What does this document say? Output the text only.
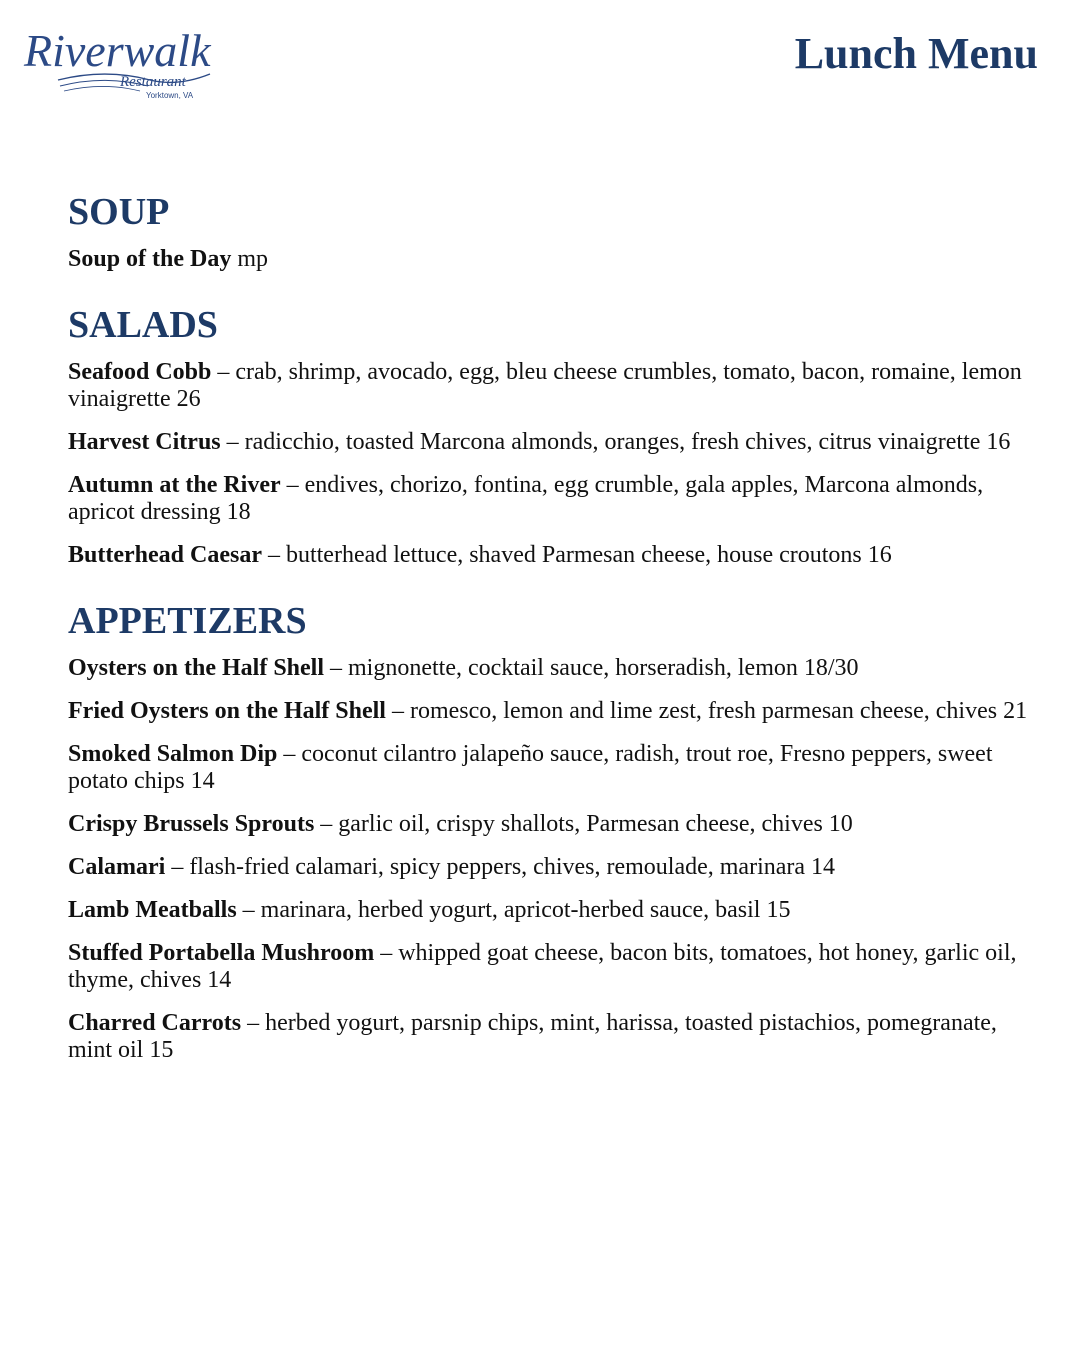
Riverwalk
Restaurant
Yorktown, VA
Lunch Menu
SOUP
Soup of the Day mp
SALADS
Seafood Cobb – crab, shrimp, avocado, egg, bleu cheese crumbles, tomato, bacon, romaine, lemon vinaigrette 26
Harvest Citrus – radicchio, toasted Marcona almonds, oranges, fresh chives, citrus vinaigrette 16
Autumn at the River – endives, chorizo, fontina, egg crumble, gala apples, Marcona almonds, apricot dressing 18
Butterhead Caesar – butterhead lettuce, shaved Parmesan cheese, house croutons 16
APPETIZERS
Oysters on the Half Shell – mignonette, cocktail sauce, horseradish, lemon 18/30
Fried Oysters on the Half Shell – romesco, lemon and lime zest, fresh parmesan cheese, chives 21
Smoked Salmon Dip – coconut cilantro jalapeño sauce, radish, trout roe, Fresno peppers, sweet potato chips 14
Crispy Brussels Sprouts – garlic oil, crispy shallots, Parmesan cheese, chives 10
Calamari – flash-fried calamari, spicy peppers, chives, remoulade, marinara 14
Lamb Meatballs – marinara, herbed yogurt, apricot-herbed sauce, basil 15
Stuffed Portabella Mushroom – whipped goat cheese, bacon bits, tomatoes, hot honey, garlic oil, thyme, chives 14
Charred Carrots – herbed yogurt, parsnip chips, mint, harissa, toasted pistachios, pomegranate, mint oil 15
